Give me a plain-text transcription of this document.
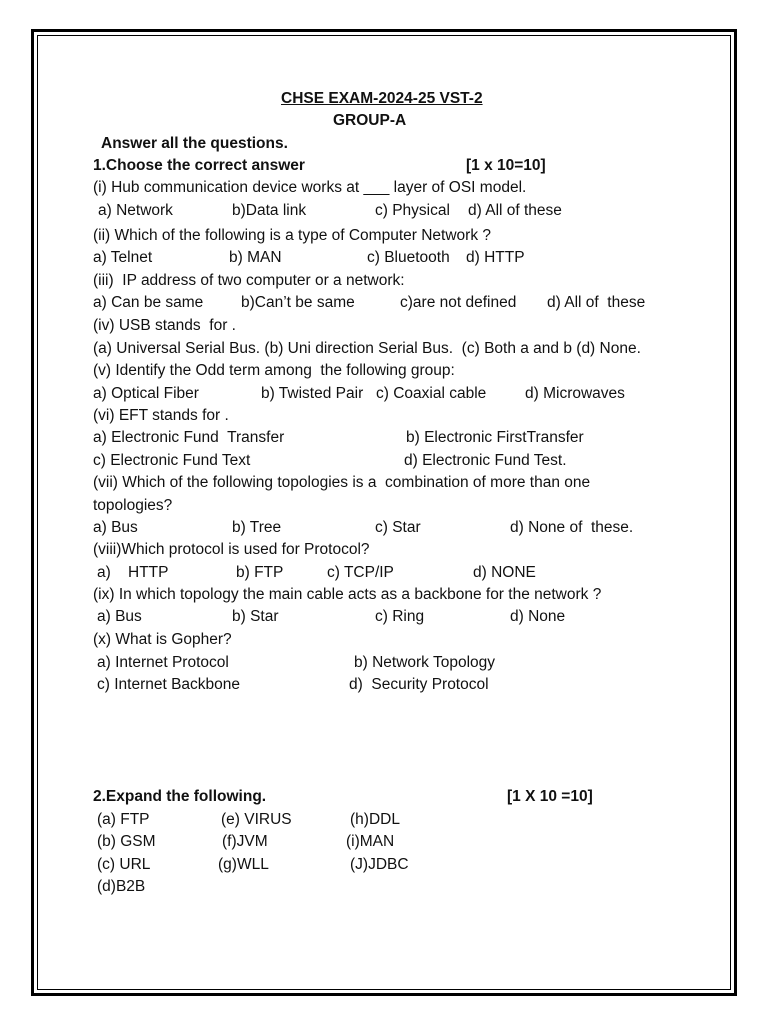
CHSE EXAM-2024-25 VST-2
GROUP-A
Answer all the questions.
1.Choose the correct answer	[1 x 10=10]
(i) Hub communication device works at ___ layer of OSI model.
a) Network	b)Data link	c) Physical d) All of these
(ii) Which of the following is a type of Computer Network ?
a) Telnet	b) MAN	c) Bluetooth d) HTTP
(iii)  IP address of two computer or a network:
a) Can be same b)Can’t be same	c)are not defined d) All of  these
(iv) USB stands  for .
(a) Universal Serial Bus. (b) Uni direction Serial Bus.  (c) Both a and b (d) None.
(v) Identify the Odd term among  the following group:
a) Optical Fiber	b) Twisted Pair c) Coaxial cable d) Microwaves
(vi) EFT stands for .
a) Electronic Fund  Transfer	b) Electronic FirstTransfer
c) Electronic Fund Text	d) Electronic Fund Test.
(vii) Which of the following topologies is a  combination of more than one
topologies?
a) Bus	b) Tree	c) Star	d) None of  these.
(viii)Which protocol is used for Protocol?
a)    HTTP	b) FTP	c) TCP/IP	d) NONE
(ix) In which topology the main cable acts as a backbone for the network ?
a) Bus	b) Star	c) Ring	d) None
(x) What is Gopher?
a) Internet Protocol	b) Network Topology
c) Internet Backbone	d)  Security Protocol
2.Expand the following.	[1 X 10 =10]
(a) FTP	(e) VIRUS	(h)DDL
(b) GSM	(f)JVM	(i)MAN
(c) URL	(g)WLL	(J)JDBC
(d)B2B
